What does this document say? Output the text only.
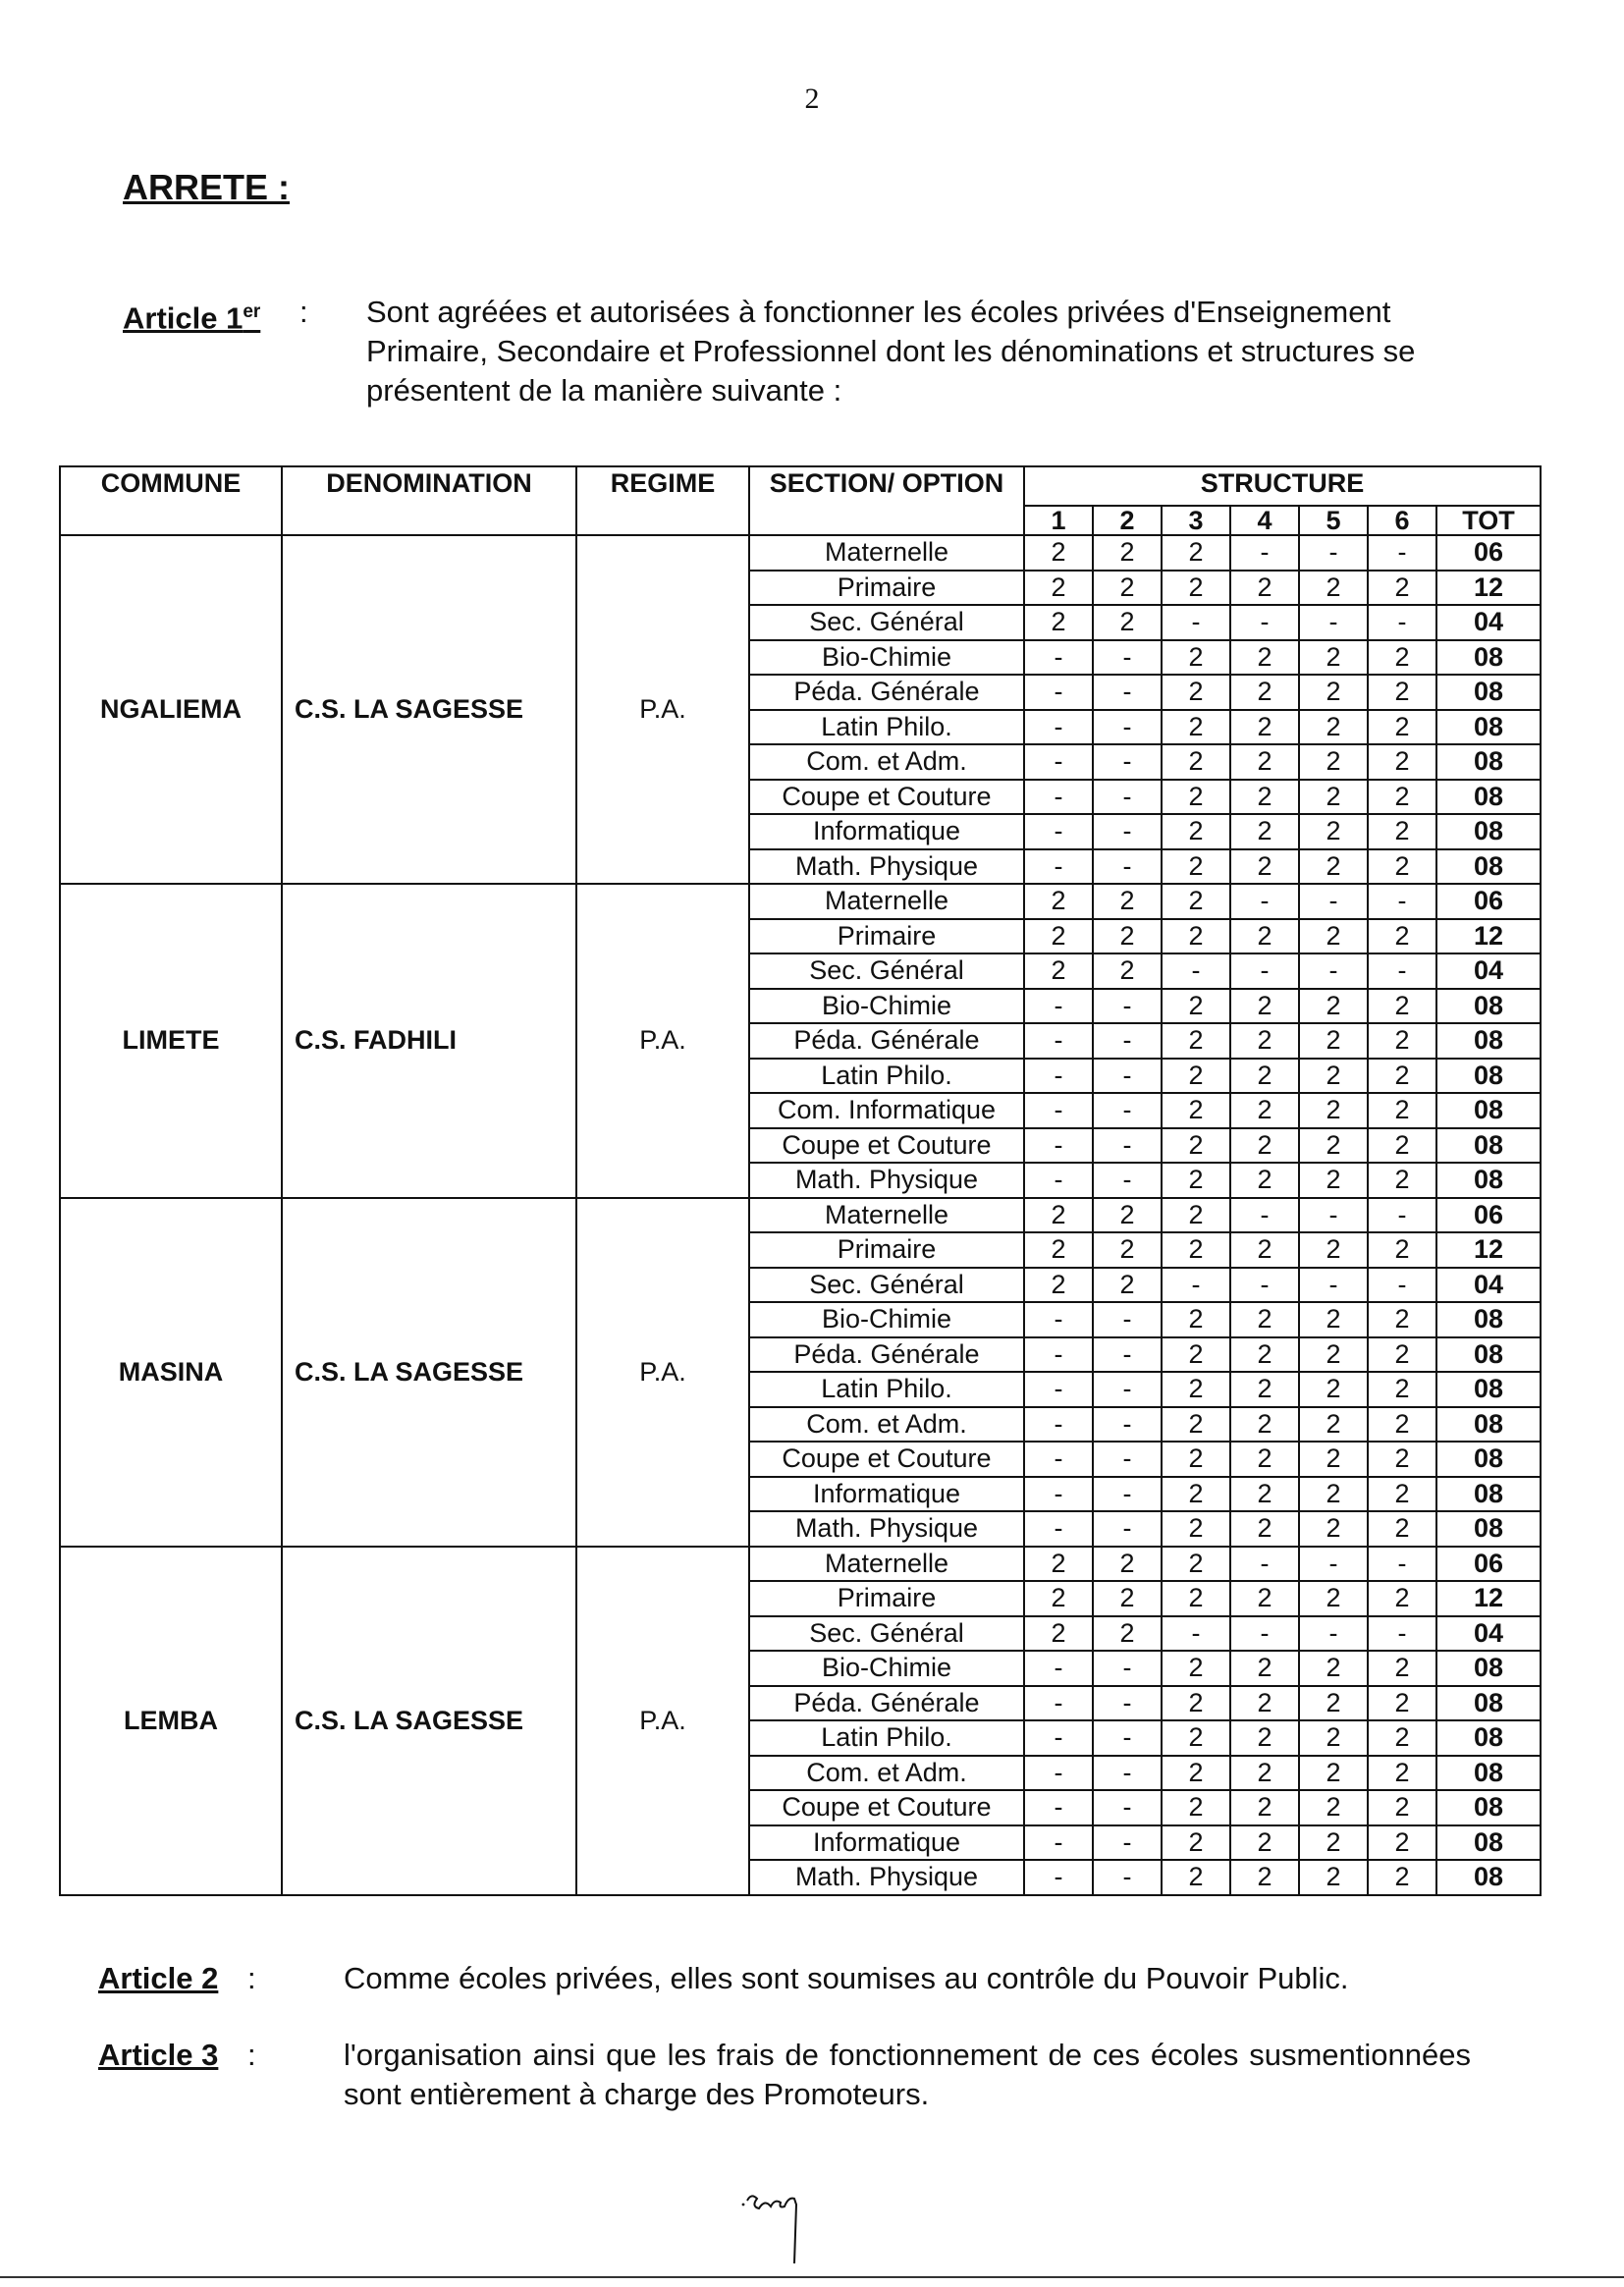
2
ARRETE :
Article 1er : Sont agréées et autorisées à fonctionner les écoles privées d'Enseignement Primaire, Secondaire et Professionnel dont les dénominations et structures se présentent de la manière suivante :
COMMUNE	DENOMINATION	REGIME	SECTION/ OPTION	STRUCTURE						
				1	2	3	4	5	6	TOT
NGALIEMA	C.S. LA SAGESSE	P.A.	Maternelle	2	2	2	-	-	-	06
			Primaire	2	2	2	2	2	2	12
			Sec. Général	2	2	-	-	-	-	04
			Bio-Chimie	-	-	2	2	2	2	08
			Péda. Générale	-	-	2	2	2	2	08
			Latin Philo.	-	-	2	2	2	2	08
			Com. et Adm.	-	-	2	2	2	2	08
			Coupe et Couture	-	-	2	2	2	2	08
			Informatique	-	-	2	2	2	2	08
			Math. Physique	-	-	2	2	2	2	08
LIMETE	C.S. FADHILI	P.A.	Maternelle	2	2	2	-	-	-	06
			Primaire	2	2	2	2	2	2	12
			Sec. Général	2	2	-	-	-	-	04
			Bio-Chimie	-	-	2	2	2	2	08
			Péda. Générale	-	-	2	2	2	2	08
			Latin Philo.	-	-	2	2	2	2	08
			Com. Informatique	-	-	2	2	2	2	08
			Coupe et Couture	-	-	2	2	2	2	08
			Math. Physique	-	-	2	2	2	2	08
MASINA	C.S. LA SAGESSE	P.A.	Maternelle	2	2	2	-	-	-	06
			Primaire	2	2	2	2	2	2	12
			Sec. Général	2	2	-	-	-	-	04
			Bio-Chimie	-	-	2	2	2	2	08
			Péda. Générale	-	-	2	2	2	2	08
			Latin Philo.	-	-	2	2	2	2	08
			Com. et Adm.	-	-	2	2	2	2	08
			Coupe et Couture	-	-	2	2	2	2	08
			Informatique	-	-	2	2	2	2	08
			Math. Physique	-	-	2	2	2	2	08
LEMBA	C.S. LA SAGESSE	P.A.	Maternelle	2	2	2	-	-	-	06
			Primaire	2	2	2	2	2	2	12
			Sec. Général	2	2	-	-	-	-	04
			Bio-Chimie	-	-	2	2	2	2	08
			Péda. Générale	-	-	2	2	2	2	08
			Latin Philo.	-	-	2	2	2	2	08
			Com. et Adm.	-	-	2	2	2	2	08
			Coupe et Couture	-	-	2	2	2	2	08
			Informatique	-	-	2	2	2	2	08
			Math. Physique	-	-	2	2	2	2	08
Article 2 :	Comme écoles privées, elles sont soumises au contrôle du Pouvoir Public.
Article 3 :	l'organisation ainsi que les frais de fonctionnement de ces écoles susmentionnées sont entièrement à charge des Promoteurs.
